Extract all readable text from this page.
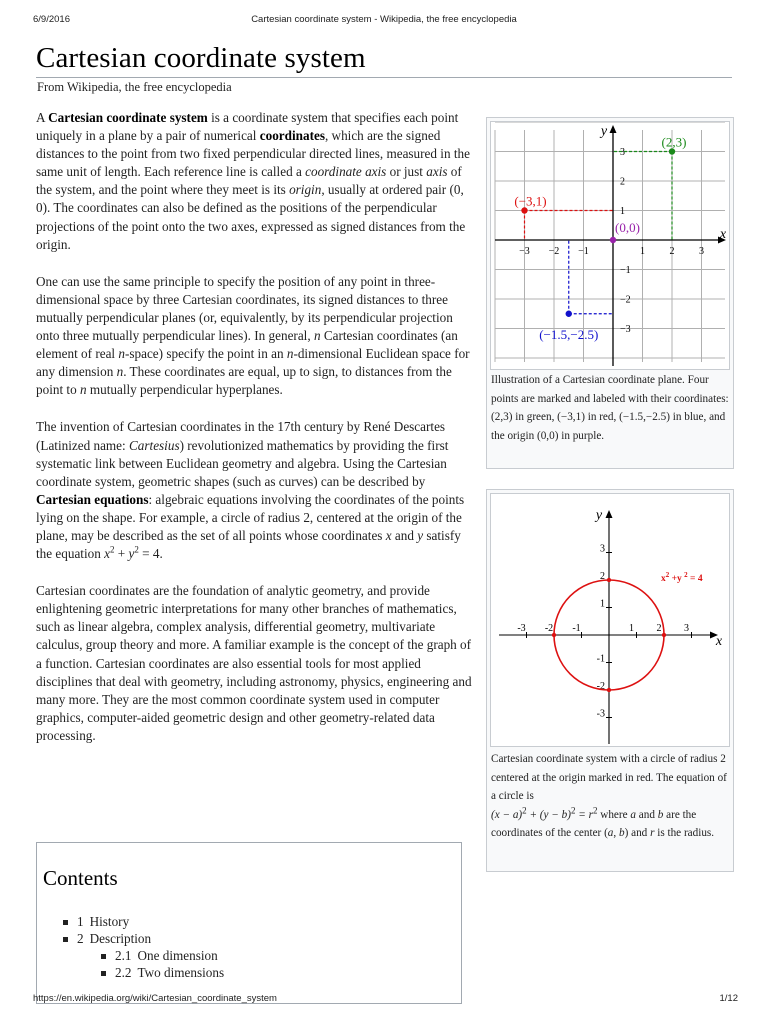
6/9/2016	Cartesian coordinate system - Wikipedia, the free encyclopedia
Cartesian coordinate system
From Wikipedia, the free encyclopedia

A Cartesian coordinate system is a coordinate system that specifies each point uniquely in a plane by a pair of numerical coordinates, which are the signed distances to the point from two fixed perpendicular directed lines, measured in the same unit of length. Each reference line is called a coordinate axis or just axis of the system, and the point where they meet is its origin, usually at ordered pair (0, 0). The coordinates can also be defined as the positions of the perpendicular projections of the point onto the two axes, expressed as signed distances from the origin.

One can use the same principle to specify the position of any point in three-dimensional space by three Cartesian coordinates, its signed distances to three mutually perpendicular planes (or, equivalently, by its perpendicular projection onto three mutually perpendicular lines). In general, n Cartesian coordinates (an element of real n-space) specify the point in an n-dimensional Euclidean space for any dimension n. These coordinates are equal, up to sign, to distances from the point to n mutually perpendicular hyperplanes.

The invention of Cartesian coordinates in the 17th century by René Descartes (Latinized name: Cartesius) revolutionized mathematics by providing the first systematic link between Euclidean geometry and algebra. Using the Cartesian coordinate system, geometric shapes (such as curves) can be described by Cartesian equations: algebraic equations involving the coordinates of the points lying on the shape. For example, a circle of radius 2, centered at the origin of the plane, may be described as the set of all points whose coordinates x and y satisfy the equation $x^2 + y^2 = 4$.

Cartesian coordinates are the foundation of analytic geometry, and provide enlightening geometric interpretations for many other branches of mathematics, such as linear algebra, complex analysis, differential geometry, multivariate calculus, group theory and more. A familiar example is the concept of the graph of a function. Cartesian coordinates are also essential tools for most applied disciplines that deal with geometry, including astronomy, physics, engineering and many more. They are the most common coordinate system used in computer graphics, computer-aided geometric design and other geometry-related data processing.

Contents
1 History
2 Description
2.1 One dimension
2.2 Two dimensions
x
y
−3 −2 −1	1 2 3
3
2
1
−1
−2
−3
(2,3)
(−3,1)
(−1.5,−2.5)
(0,0)
Illustration of a Cartesian coordinate plane. Four points are marked and labeled with their coordinates: (2,3) in green, (−3,1) in red, (−1.5,−2.5) in blue, and the origin (0,0) in purple.
x
y
-3 -2 -1	1 2 3
3
2
1
-1
-2
-3
$x^2 +y$ $^2$ = 4
Cartesian coordinate system with a circle of radius 2 centered at the origin marked in red. The equation of a circle is
$(x - a)^2 + (y - b)^2 = r^2$ where a and b are the coordinates of the center (a, b) and r is the radius.
https://en.wikipedia.org/wiki/Cartesian_coordinate_system	1/12
